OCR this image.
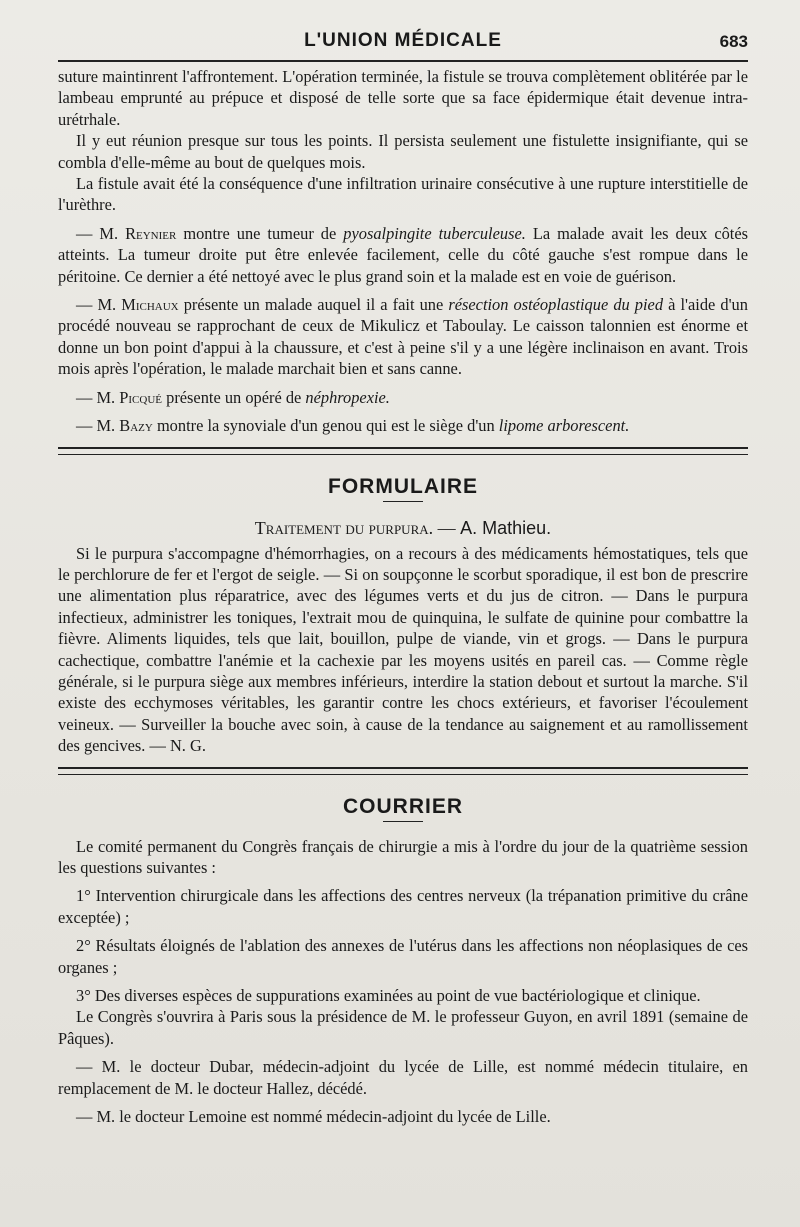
L'UNION MÉDICALE	683

suture maintinrent l'affrontement. L'opération terminée, la fistule se trouva complètement oblitérée par le lambeau emprunté au prépuce et disposé de telle sorte que sa face épidermique était devenue intra-urétrhale.

Il y eut réunion presque sur tous les points. Il persista seulement une fistulette insignifiante, qui se combla d'elle-même au bout de quelques mois.

La fistule avait été la conséquence d'une infiltration urinaire consécutive à une rupture interstitielle de l'urèthre.

— M. Reynier montre une tumeur de pyosalpingite tuberculeuse. La malade avait les deux côtés atteints. La tumeur droite put être enlevée facilement, celle du côté gauche s'est rompue dans le péritoine. Ce dernier a été nettoyé avec le plus grand soin et la malade est en voie de guérison.

— M. Michaux présente un malade auquel il a fait une résection ostéoplastique du pied à l'aide d'un procédé nouveau se rapprochant de ceux de Mikulicz et Taboulay. Le caisson talonnien est énorme et donne un bon point d'appui à la chaussure, et c'est à peine s'il y a une légère inclinaison en avant. Trois mois après l'opération, le malade marchait bien et sans canne.

— M. Picqué présente un opéré de néphropexie.

— M. Bazy montre la synoviale d'un genou qui est le siège d'un lipome arborescent.

FORMULAIRE
Traitement du purpura. — A. Mathieu.

Si le purpura s'accompagne d'hémorrhagies, on a recours à des médicaments hémostatiques, tels que le perchlorure de fer et l'ergot de seigle. — Si on soupçonne le scorbut sporadique, il est bon de prescrire une alimentation plus réparatrice, avec des légumes verts et du jus de citron. — Dans le purpura infectieux, administrer les toniques, l'extrait mou de quinquina, le sulfate de quinine pour combattre la fièvre. Aliments liquides, tels que lait, bouillon, pulpe de viande, vin et grogs. — Dans le purpura cachectique, combattre l'anémie et la cachexie par les moyens usités en pareil cas. — Comme règle générale, si le purpura siège aux membres inférieurs, interdire la station debout et surtout la marche. S'il existe des ecchymoses véritables, les garantir contre les chocs extérieurs, et favoriser l'écoulement veineux. — Surveiller la bouche avec soin, à cause de la tendance au saignement et au ramollissement des gencives. — N. G.

COURRIER

Le comité permanent du Congrès français de chirurgie a mis à l'ordre du jour de la quatrième session les questions suivantes :

1° Intervention chirurgicale dans les affections des centres nerveux (la trépanation primitive du crâne exceptée) ;

2° Résultats éloignés de l'ablation des annexes de l'utérus dans les affections non néoplasiques de ces organes ;

3° Des diverses espèces de suppurations examinées au point de vue bactériologique et clinique.

Le Congrès s'ouvrira à Paris sous la présidence de M. le professeur Guyon, en avril 1891 (semaine de Pâques).

— M. le docteur Dubar, médecin-adjoint du lycée de Lille, est nommé médecin titulaire, en remplacement de M. le docteur Hallez, décédé.

— M. le docteur Lemoine est nommé médecin-adjoint du lycée de Lille.
